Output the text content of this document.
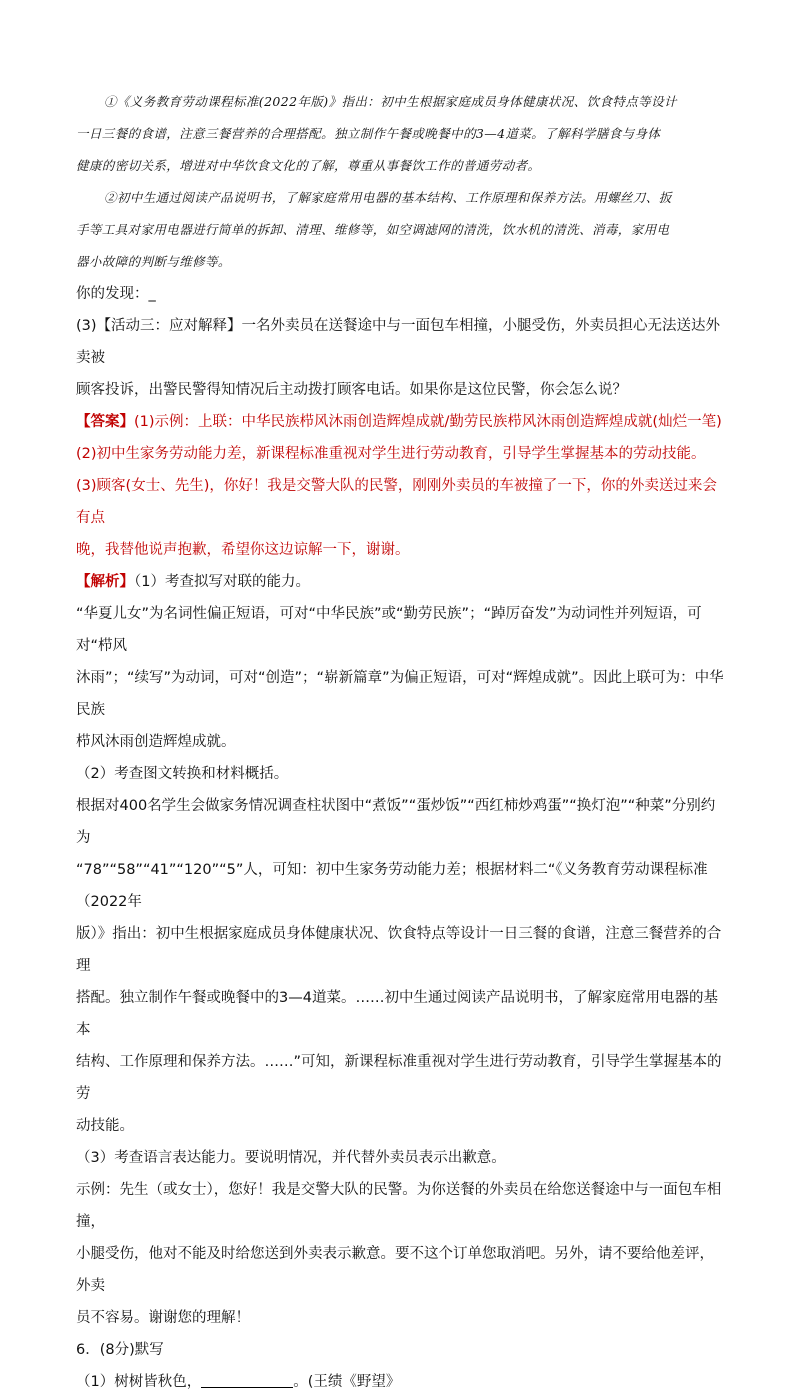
①《义务教育劳动课程标准(2022年版)》指出：初中生根据家庭成员身体健康状况、饮食特点等设计

一日三餐的食谱，注意三餐营养的合理搭配。独立制作午餐或晚餐中的3—4道菜。了解科学膳食与身体

健康的密切关系，增进对中华饮食文化的了解，尊重从事餐饮工作的普通劳动者。

②初中生通过阅读产品说明书，了解家庭常用电器的基本结构、工作原理和保养方法。用螺丝刀、扳

手等工具对家用电器进行简单的拆卸、清理、维修等，如空调滤网的清洗，饮水机的清洗、消毒，家用电

器小故障的判断与维修等。

你的发现：_

(3)【活动三：应对解释】一名外卖员在送餐途中与一面包车相撞，小腿受伤，外卖员担心无法送达外卖被

顾客投诉，出警民警得知情况后主动拨打顾客电话。如果你是这位民警，你会怎么说？

【答案】(1)示例：上联：中华民族栉风沐雨创造辉煌成就/勤劳民族栉风沐雨创造辉煌成就(灿烂一笔)

(2)初中生家务劳动能力差，新课程标准重视对学生进行劳动教育，引导学生掌握基本的劳动技能。

(3)顾客(女士、先生)，你好！我是交警大队的民警，刚刚外卖员的车被撞了一下，你的外卖送过来会有点

晚，我替他说声抱歉，希望你这边谅解一下，谢谢。

【解析】（1）考查拟写对联的能力。

“华夏儿女”为名词性偏正短语，可对“中华民族”或“勤劳民族”；“踔厉奋发”为动词性并列短语，可对“栉风

沐雨”；“续写”为动词，可对“创造”；“崭新篇章”为偏正短语，可对“辉煌成就”。因此上联可为：中华民族

栉风沐雨创造辉煌成就。

（2）考查图文转换和材料概括。

根据对400名学生会做家务情况调查柱状图中“煮饭”“蛋炒饭”“西红柿炒鸡蛋”“换灯泡”“种菜”分别约为

“78”“58”“41”“120”“5”人，可知：初中生家务劳动能力差；根据材料二“《义务教育劳动课程标准（2022年

版）》指出：初中生根据家庭成员身体健康状况、饮食特点等设计一日三餐的食谱，注意三餐营养的合理

搭配。独立制作午餐或晚餐中的3—4道菜。……初中生通过阅读产品说明书，了解家庭常用电器的基本

结构、工作原理和保养方法。……”可知，新课程标准重视对学生进行劳动教育，引导学生掌握基本的劳

动技能。

（3）考查语言表达能力。要说明情况，并代替外卖员表示出歉意。

示例：先生（或女士），您好！我是交警大队的民警。为你送餐的外卖员在给您送餐途中与一面包车相撞，

小腿受伤，他对不能及时给您送到外卖表示歉意。要不这个订单您取消吧。另外，请不要给他差评，外卖

员不容易。谢谢您的理解！

6．(8分)默写

（1）树树皆秋色，	。(王绩《野望》
